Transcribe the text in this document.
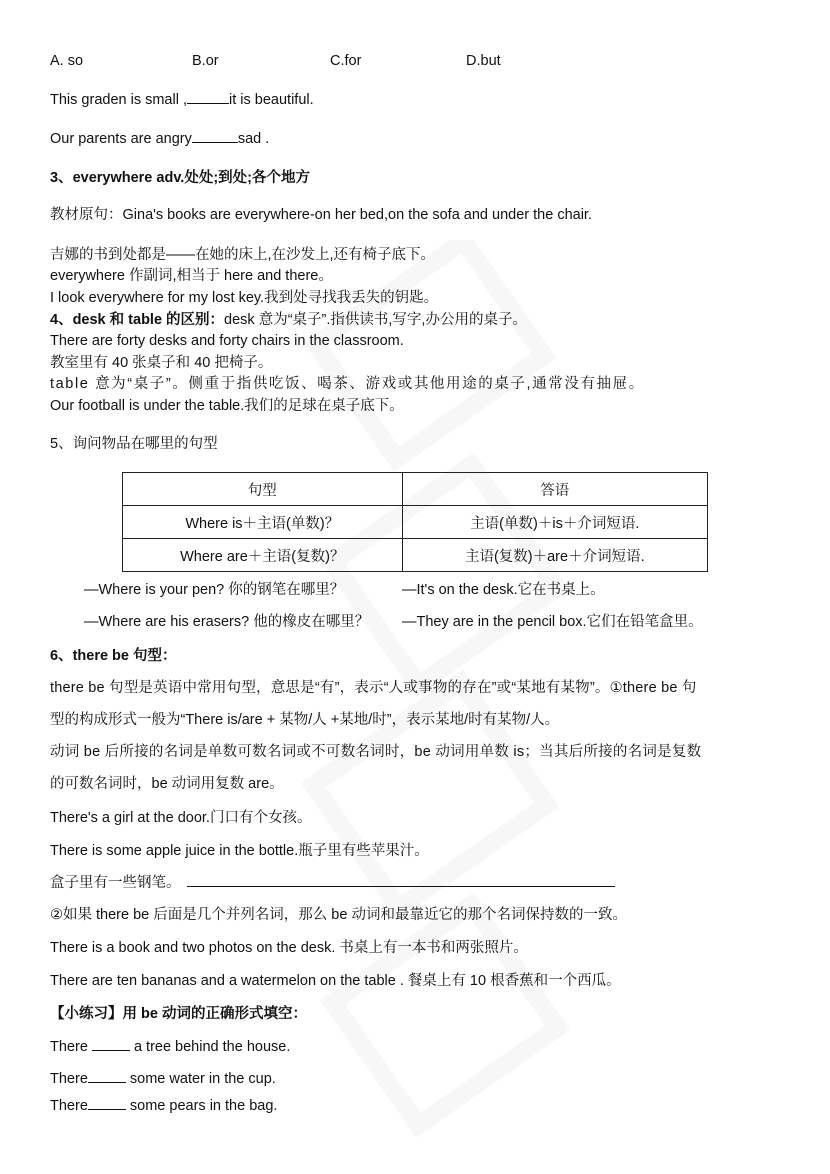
A. so	B.or	C.for	D.but
This graden is small ,	it is beautiful.
Our parents are angry	sad .
3、everywhere adv.处处;到处;各个地方
教材原句：Gina's books are everywhere-on her bed,on the sofa and under the chair.
吉娜的书到处都是——在她的床上,在沙发上,还有椅子底下。
everywhere 作副词,相当于 here and there。
I look everywhere for my lost key.我到处寻找我丢失的钥匙。
4、desk 和 table 的区别：desk 意为“桌子”.指供读书,写字,办公用的桌子。
There are forty desks and forty chairs in the classroom.
教室里有 40 张桌子和 40 把椅子。
table 意为“桌子”。侧重于指供吃饭、喝茶、游戏或其他用途的桌子,通常没有抽屉。
Our football is under the table.我们的足球在桌子底下。
5、询问物品在哪里的句型
句型	答语
Where is＋主语(单数)？	主语(单数)＋is＋介词短语.
Where are＋主语(复数)？	主语(复数)＋are＋介词短语.
—Where is your pen? 你的钢笔在哪里？	—It's on the desk.它在书桌上。
—Where are his erasers? 他的橡皮在哪里？ —They are in the pencil box.它们在铅笔盒里。
6、there be 句型：
there be 句型是英语中常用句型，意思是“有”，表示“人或事物的存在”或“某地有某物”。①there be 句
型的构成形式一般为“There is/are + 某物/人 +某地/时”，表示某地/时有某物/人。
动词 be 后所接的名词是单数可数名词或不可数名词时，be 动词用单数 is；当其后所接的名词是复数
的可数名词时，be 动词用复数 are。
There's a girl at the door.门口有个女孩。
There is some apple juice in the bottle.瓶子里有些苹果汁。
盒子里有一些钢笔。
②如果 there be 后面是几个并列名词，那么 be 动词和最靠近它的那个名词保持数的一致。
There is a book and two photos on the desk. 书桌上有一本书和两张照片。
There are ten bananas and a watermelon on the table . 餐桌上有 10 根香蕉和一个西瓜。
【小练习】用 be 动词的正确形式填空：
There	a tree behind the house.
There	some water in the cup.
There	some pears in the bag.
